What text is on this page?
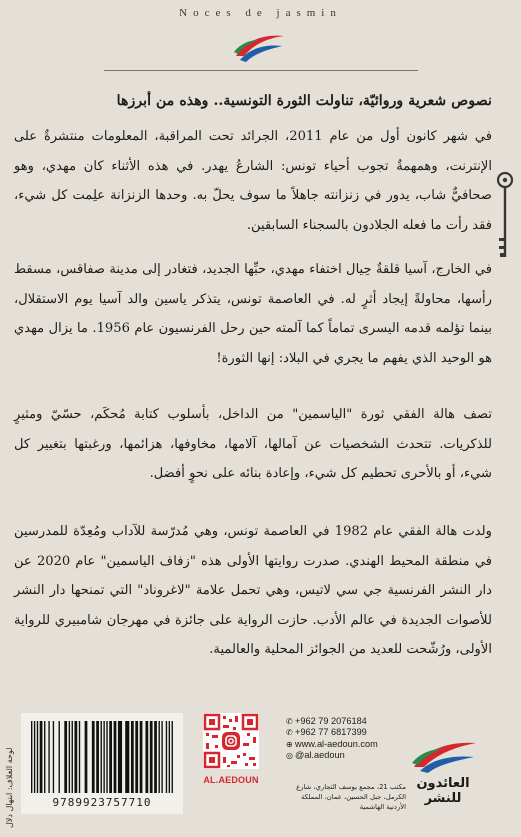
Noces de jasmin
نصوص شعرية وروائيّة، تناولت الثورة التونسية.. وهذه من أبرزها

في شهر كانون أول من عام 2011، الجرائد تحت المراقبة، المعلومات منتشرةٌ على الإنترنت، وهمهمةٌ تجوب أحياء تونس: الشارعُ يهدر. في هذه الأثناء كان مهدي، وهو صحافيٌّ شاب، يدور في زنزانته جاهلاً ما سوف يحلّ به. وحدها الزنزانة علِمت كل شيء، فقد رأت ما فعله الجلادون بالسجناء السابقين.

في الخارج، آسيا قلقةٌ حِيال اختفاء مهدي، حبِّها الجديد، فتغادر إلى مدينة صفاقس، مسقط رأسها، محاولةً إيجاد أثرٍ له. في العاصمة تونس، يتذكر ياسين والد آسيا يوم الاستقلال، بينما تؤلمه قدمه اليسرى تماماً كما آلمته حين رحل الفرنسيون عام 1956. ما يزال مهدي هو الوحيد الذي يفهم ما يجري في البلاد: إنها الثورة!

تصف هالة الفقي ثورة "الياسمين" من الداخل، بأسلوب كتابة مُحكَم، حسّيّ ومثيرٍ للذكريات. تتحدث الشخصيات عن آمالها، آلامها، مخاوفها، هزائمها، ورغبتها بتغيير كل شيء، أو بالأحرى تحطيم كل شيء، وإعادة بنائه على نحوٍ أفضل.

ولدت هالة الفقي عام 1982 في العاصمة تونس، وهي مُدرّسة للآداب ومُعِدّة للمدرسين في منطقة المحيط الهندي. صدرت روايتها الأولى هذه "زفاف الياسمين" عام 2020 عن دار النشر الفرنسية جي سي لاتيس، وهي تحمل علامة "لاغروناد" التي تمنحها دار النشر للأصوات الجديدة في عالم الأدب. حازت الرواية على جائزة في مهرجان شامبيري للرواية الأولى، ورُشّحت للعديد من الجوائز المحلية والعالمية.

لوحة الغلاف: ابتهال دلال	9789923757710
AL.AEDOUN
✆ +962 79 2076184
✆ +962 77 6817399
⊕ www.al-aedoun.com
◎ @al.aedoun
مكتب 21، مجمع يوسف التجاري، شارع الكرمل، جبل الحسين، عمان، المملكة الأردنية الهاشمية
العائدون للنشر
